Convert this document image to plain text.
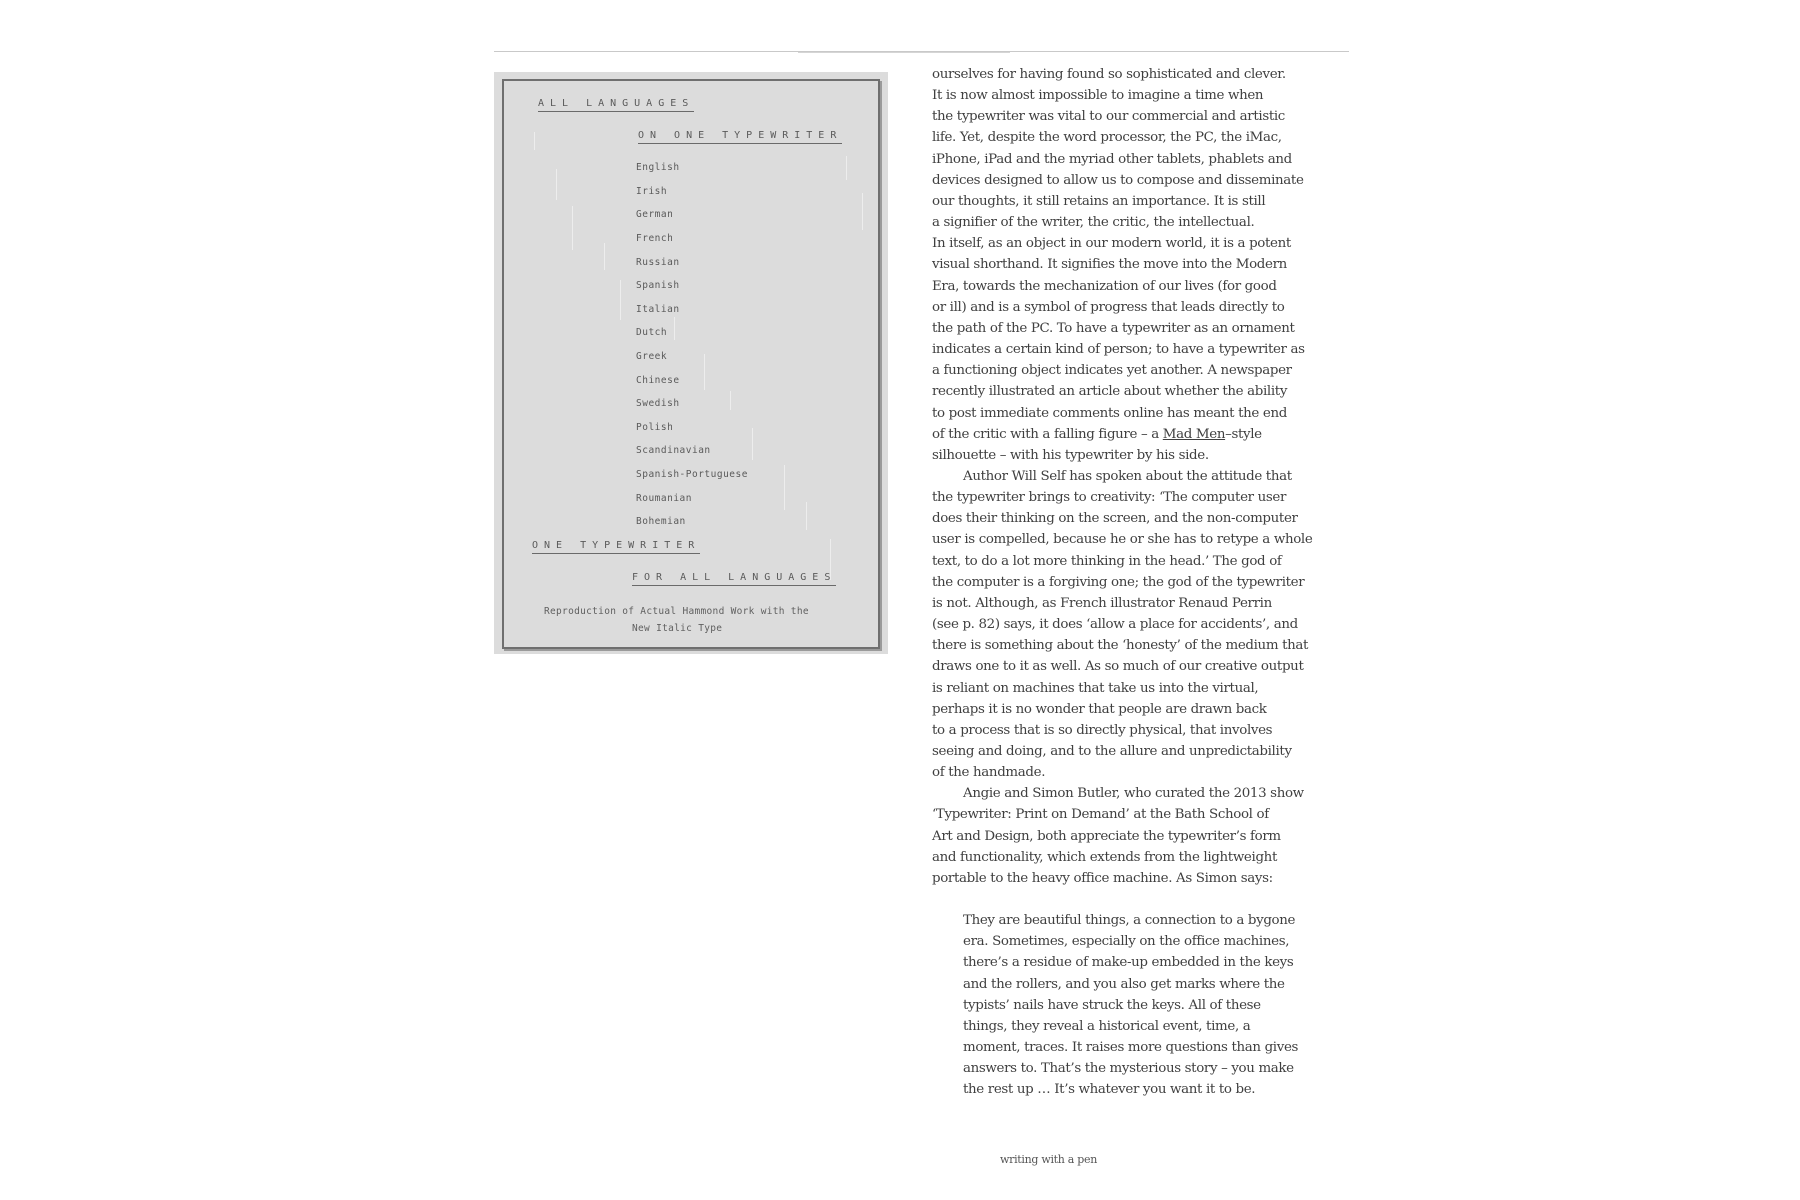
ALL LANGUAGES
ON ONE TYPEWRITER
English
Irish
German
French
Russian
Spanish
Italian
Dutch
Greek
Chinese
Swedish
Polish
Scandinavian
Spanish-Portuguese
Roumanian
Bohemian
ONE TYPEWRITER
FOR ALL LANGUAGES
Reproduction of Actual Hammond Work with the
New Italic Type
ourselves for having found so sophisticated and clever.
It is now almost impossible to imagine a time when
the typewriter was vital to our commercial and artistic
life. Yet, despite the word processor, the PC, the iMac,
iPhone, iPad and the myriad other tablets, phablets and
devices designed to allow us to compose and disseminate
our thoughts, it still retains an importance. It is still
a signifier of the writer, the critic, the intellectual.
In itself, as an object in our modern world, it is a potent
visual shorthand. It signifies the move into the Modern
Era, towards the mechanization of our lives (for good
or ill) and is a symbol of progress that leads directly to
the path of the PC. To have a typewriter as an ornament
indicates a certain kind of person; to have a typewriter as
a functioning object indicates yet another. A newspaper
recently illustrated an article about whether the ability
to post immediate comments online has meant the end
of the critic with a falling figure – a Mad Men–style
silhouette – with his typewriter by his side.
Author Will Self has spoken about the attitude that
the typewriter brings to creativity: ‘The computer user
does their thinking on the screen, and the non-computer
user is compelled, because he or she has to retype a whole
text, to do a lot more thinking in the head.’ The god of
the computer is a forgiving one; the god of the typewriter
is not. Although, as French illustrator Renaud Perrin
(see p. 82) says, it does ‘allow a place for accidents’, and
there is something about the ‘honesty’ of the medium that
draws one to it as well. As so much of our creative output
is reliant on machines that take us into the virtual,
perhaps it is no wonder that people are drawn back
to a process that is so directly physical, that involves
seeing and doing, and to the allure and unpredictability
of the handmade.
Angie and Simon Butler, who curated the 2013 show
‘Typewriter: Print on Demand’ at the Bath School of
Art and Design, both appreciate the typewriter’s form
and functionality, which extends from the lightweight
portable to the heavy office machine. As Simon says:
They are beautiful things, a connection to a bygone
era. Sometimes, especially on the office machines,
there’s a residue of make-up embedded in the keys
and the rollers, and you also get marks where the
typists’ nails have struck the keys. All of these
things, they reveal a historical event, time, a
moment, traces. It raises more questions than gives
answers to. That’s the mysterious story – you make
the rest up … It’s whatever you want it to be.
writing with a pen
